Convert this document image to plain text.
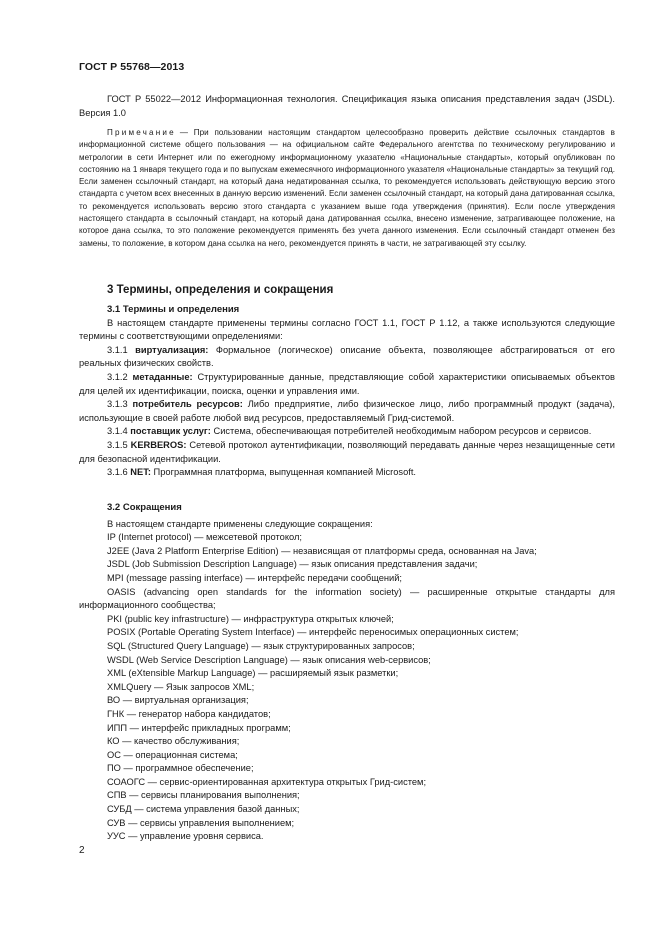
ГОСТ Р 55768—2013

ГОСТ Р 55022—2012 Информационная технология. Спецификация языка описания представления задач (JSDL). Версия 1.0

Примечание — При пользовании настоящим стандартом целесообразно проверить действие ссылочных стандартов в информационной системе общего пользования — на официальном сайте Федерального агентства по техническому регулированию и метрологии в сети Интернет или по ежегодному информационному указателю «Национальные стандарты», который опубликован по состоянию на 1 января текущего года и по выпускам ежемесячного информационного указателя «Национальные стандарты» за текущий год. Если заменен ссылочный стандарт, на который дана недатированная ссылка, то рекомендуется использовать действующую версию этого стандарта с учетом всех внесенных в данную версию изменений. Если заменен ссылочный стандарт, на который дана датированная ссылка, то рекомендуется использовать версию этого стандарта с указанием выше года утверждения (принятия). Если после утверждения настоящего стандарта в ссылочный стандарт, на который дана датированная ссылка, внесено изменение, затрагивающее положение, на которое дана ссылка, то это положение рекомендуется применять без учета данного изменения. Если ссылочный стандарт отменен без замены, то положение, в котором дана ссылка на него, рекомендуется принять в части, не затрагивающей эту ссылку.

3 Термины, определения и сокращения
3.1 Термины и определения

В настоящем стандарте применены термины согласно ГОСТ 1.1, ГОСТ Р 1.12, а также используются следующие термины с соответствующими определениями:

3.1.1 виртуализация: Формальное (логическое) описание объекта, позволяющее абстрагироваться от его реальных физических свойств.

3.1.2 метаданные: Структурированные данные, представляющие собой характеристики описываемых объектов для целей их идентификации, поиска, оценки и управления ими.

3.1.3 потребитель ресурсов: Либо предприятие, либо физическое лицо, либо программный продукт (задача), использующие в своей работе любой вид ресурсов, предоставляемый Грид-системой.

3.1.4 поставщик услуг: Система, обеспечивающая потребителей необходимым набором ресурсов и сервисов.

3.1.5 KERBEROS: Сетевой протокол аутентификации, позволяющий передавать данные через незащищенные сети для безопасной идентификации.

3.1.6 NET: Программная платформа, выпущенная компанией Microsoft.

3.2 Сокращения

В настоящем стандарте применены следующие сокращения:

IP (Internet protocol) — межсетевой протокол;
J2EE (Java 2 Platform Enterprise Edition) — независящая от платформы среда, основанная на Java;
JSDL (Job Submission Description Language) — язык описания представления задачи;
MPI (message passing interface) — интерфейс передачи сообщений;
OASIS (advancing open standards for the information society) — расширенные открытые стандарты для информационного сообщества;
PKI (public key infrastructure) — инфраструктура открытых ключей;
POSIX (Portable Operating System Interface) — интерфейс переносимых операционных систем;
SQL (Structured Query Language) — язык структурированных запросов;
WSDL (Web Service Description Language) — язык описания web-сервисов;
XML (eXtensible Markup Language) — расширяемый язык разметки;
XMLQuery — Язык запросов XML;
ВО — виртуальная организация;
ГНК — генератор набора кандидатов;
ИПП — интерфейс прикладных программ;
КО — качество обслуживания;
ОС — операционная система;
ПО — программное обеспечение;
СОАОГС — сервис-ориентированная архитектура открытых Грид-систем;
СПВ — сервисы планирования выполнения;
СУБД — система управления базой данных;
СУВ — сервисы управления выполнением;
УУС — управление уровня сервиса.
2
